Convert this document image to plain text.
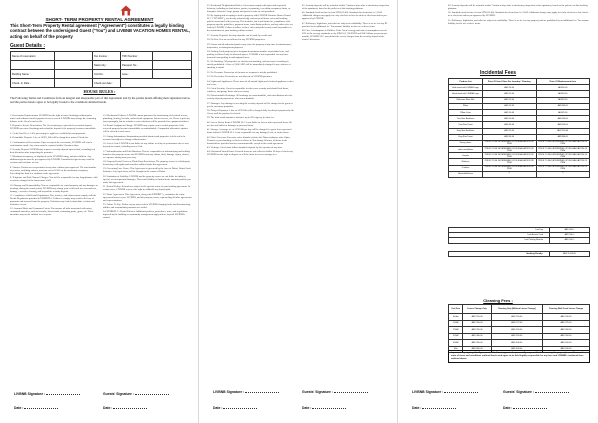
SHORT- TERM PROPERTY RENTAL AGREEMENT
This Short-Term Property Rental agreement ("Agreement") constitutes a legally binding contract between the undersigned Guest ("You") and LIVBNB VACATION HOMES RENTAL, acting on behalf of the property
Guest Details :
Name of reservation:		Tax Invoice :	TRN Number :	
		Nation-lity :	Passport No :	
Building Name :		Unit No :	Area :	
Check- In Date :		Check-out date :		
HOUSE RULES :
The Following Terms and Conditions form an integral and inseparable part of this Agreement and by the parties herein affixing their signatures below, and the parties hereto agree to be legally bound to the conditions detailed herein.

1. Reservation Requirements: LIVBNB has the right to cancel bookings without prior notice and without refund if payment is not received. LIVBNB may change the remaining balance to the Guest's card on file.

2. Deposit to Secure Reservation: The Guest must pay a specified reservation deposit. LIVBNB can cancel bookings and refund the deposit if the property becomes unavailable.

3. Credit Card Fees: A 4% processing fee applies to credit/debit card payments.

4. Refundable Deposit: A fee of AED 1,000 will be charged for missed Check-ins.

5. Confirmation of Reservation: Upon receipt of the reservation, LIVBNB will send a confirmation email. Any errors must be reported within 2 business days.

6. Security Deposit: LIVBNB may request a security deposit upon arrival, refunding it at their discretion after inspecting the premises.

7. Maximum occupancy, as displayed on the LIVBNB listing, includes children. Any additional guests must be pre-approved by LIVBNB. Unauthorized guests may result in eviction and forfeiture of rent.

8. Visitors: Visitors are not permitted at any time without prior approval. The total number of persons, including visitors, must not exceed 150% of the maximum occupancy. Exceeding this limit is a violation of the agreement.

9. Telephone and Paid Channel Charges: You will be responsible for any long-distance calls or movies charged to the homeowner's bill.

10. Damage and Responsibility: You are responsible for rental property and any damages or breakage during the rental period. LIVBNB may charge your credit card for wear and tear, damage, excessive cleaning, and beyond the security deposit.

11. Compliance with Rental Regulations: You, invitees, and visitors must comply with the Rental Regulations provided in EXHIBIT A. Failure to comply may result in the loss of payments and removal from the property. Violations may lead to immediate eviction and forfeiture of rent.

12. Assumed Risks and Communal Areas: You assume all risks associated with using communal amenities, such as hot tubs, Jacuzzi tubs, swimming pools, gyms, etc. These amenities may not be suitable for everyone.

13. Mechanical Failures: LIVBNB cannot guarantee the functioning of electrical service, plumbing, heating, hot tubs, audio/visual equipment, Internet access, etc. Please report any issues promptly, but no refunds or rent reductions will be provided for equipment failures.

14. Rental Assignment Change: LIVBNB may require you to switch properties if the reserved property becomes unavailable or uninhabitable. Comparable alternative options will be offered in such cases.

15. Listing Information: Information provided about rental properties is believed to be accurate but subject to change without notice.

16. Acts of God: LIVBNB is not liable for any failure or delay in performance due to acts beyond its control, including acts of God.

17. Indemnification and Hold Harmless: You are responsible for indemnifying and holding harmless the property owner and LIVBNB from any claims, theft, damage, injury, demise, or expenses arising from your stay.

18. Property Rental Owner as Third-Party Beneficiary: The property owner is a third-party beneficiary with rights and remedies outlined under this agreement.

19. Governing Law; Venue: This Agreement is governed by the laws of Dubai, United Arab Emirates. Any legal action will be brought in the courts of Dubai.

20. Limitation of Liability: LIVBNB and the property owner are not liable for indirect, special, or consequential damages. Their total liability is limited to the amounts paid by you under this agreement.

21. Refund Policy: Refunds are subject to the specific terms of your booking agreement. In certain cases, LIVBNB reserves the right to withhold any deposit paid.

22. Entire Agreement: This Agreement, along with EXHIBIT A, constitutes the entire agreement between you, LIVBNB, and the property owner, superseding all other agreements and representations.

23. Failure To Pay: Failure to pay may result in LIVBNB charging locks and disconnecting utilities and accumulating amounts are settled.

24. EXHIBIT A - Rental Policies: Additional policies, procedures, rules, and regulations imposed by the building or community management apply and are beyond LIVBNB's control.

LIVBNB Signature :	Guests' Signature :
Date :	Date :

25. Residential Neighborhood Rules: Guest must comply with quiet and respectful behavior, including no loud noises, parties, trespassing, exceeding occupancy limits, or disruptive behavior. Large groups and special events are not permitted.

26. By signing and accepting to book a property with LIVBNB Vacation Homes Rental LLC ("LIVBNB"), you hereby acknowledge and accept all house rules and booking policies associated with your stay. This includes, but is not limited to, compliance with property-specific guidelines, payment terms, cancellation policies, and any other rules set forth by LIVBNB. Failure to adhere to these rules and policies may result in penalties or the termination of your booking without refund.

27. Security Deposits: Security deposits can be made by credit card.

28. No Pets: Pets are not allowed in any LIVBNB properties.

29. Linens and all authorized parties may enter the property at any time for maintenance, inspections, or management purposes.

30. Parking: Each property has a designated maximum number of permitted cars, and parking is allowed only in allocated spaces. LIVBNB is not responsible for any fines incurred from parking in undesignated areas.

31. No Smoking: All properties are strictly non-smoking, and any form of smoking is strictly prohibited. A fine of 2,000 AED will be immediately charged if any evidence of smoking is found.

32. No Firearms: Possession of firearms or weapons is strictly prohibited.

33. No Fireworks: Fireworks are not allowed on LIVBNB premises.

34. Lights and Appliances: Please turn off all outside lights and electrical appliances when not in use.

35. Guest Security: Guest is responsible for their own security and should lock doors, windows, and garage doors when necessary.

36. Nonrefundable Bookings: All bookings are nonrefundable, and cancellations after the security deposit payment are also non-refundable.

37. Damages: Any damages exceeding the security deposit will be charged to the guest as per the inventory quotation.

38. Delayed Payment: A fine of AED 200 will be charged daily for delayed payment by the Guest, until the payment is cleared.

39. The total rental amount is inclusive up to 20% agency fee/time fee.

40. Lost or Stolen Items: LIVBNB LLC is not liable for lost or stolen personal items. We are also not liable for damages to personal items.

41. Storage: A storage fee of AED 500 per day will be charged if a guest leaves personal items behind. LIVBNB LLC is not responsible for any damaged, lost, or stolen items.

42. Noise/Concerns: Excessive noise disturbs violates the Dubai ordinance after 10pm. Tenant/s of your booking or check-in allows it. Not during 24 hours, all items in the household are provided and are non-transferable except to the rental agreement.

43. Vicinage: Guest must follow standard etiquette by the operator of any time.

44. Unclaimed Stored Items: If stored items are not collected within 10 days of check-out, LIVBNB has the right to dispose or sell the items to recover storage fees.

45. Security deposits will be refunded within 7 business days after a satisfactory inspection of the apartment, based on the policies of this booking platform.

46. Standard check-in time is from 3PM (15:00). Standard check-out time is 11AM. Additional charges may apply for early check-in or late check-in or check-out unless pre-approved by LIVBNB.

47. Rollaways, highchairs, and cribs are subject to availability. There is no fee for any ID provided in an additional fee. You assume liability for the use of these items.

48. Over Consumption of Utilities: If the Guest's energy and water consumption exceeds 20% of the average standards set by DEWA (1,700 KWH and 500 Gallons per person per month), LIVBNB LLC may deduct the excess charges from the security deposit at the owner's discretion.

LIVBNB Signature :	Guests' Signature :
Date :	Date :

49. Security deposits will be refunded within 7 business days after a satisfactory inspection of the apartment, based on the policies of this booking platform.

50. Standard check-in time is from 3PM (15:00). Standard check-out time is 11AM. Additional charges may apply for early check-in or late check-in or check-out unless pre-approved by LIVBNB.

51. Rollaways, highchairs, and cribs are subject to availability. There is no fee for any property and are prohibited by an additional fee. You assume liability for the use of these items.

Incidental Fees
Product List	Price Of Item If Item For Laundry / Cleaning	Price Of Replacement Item
Bath towel with LIVBNB Logo	AED 50.00	AED50.00
Hand towel with LIVBNB Logo	AED 20.00	AED20.00
Bathroom Floor Mat	AED 20.00	AED20.00
Pillow	AED 50.00	AED200.00
Pillow Case	AED 50.00	AED25.00
Twin Size Bedsheet	AED 50.00	AED150.00
Twin Size Duvet	AED 80.00	AED250.00
King Size Bedsheet	AED 50.00	AED 200.00
King Size Duvet	AED 80.00	AED300.00
Dining chairs	PRICE TO BE DETERMINED UPON EVALUATION OF ITEM	PRICE TO BE DETERMINED UPON EVALUATION OF ITEM
sofas and pillows	PRICE TO BE DETERMINED UPON EVALUATION OF ITEM	PRICE TO BE DETERMINED UPON EVALUATION OF ITEM
Carpets	PRICE TO BE DETERMINED UPON EVALUATION OF ITEM	PRICE TO BE DETERMINED UPON EVALUATION OF ITEM
Mattress	PRICE TO BE DETERMINED UPON EVALUATION OF ITEM	PRICE TO BE DETERMINED UPON EVALUATION OF ITEM
Curtains	PRICE TO BE DETERMINED UPON EVALUATION OF ITEM	PRICE TO BE DETERMINED UPON EVALUATION OF ITEM
Household items	**	**
Lost Key	AED 300 /-
Lost Access Card	AED 500 /-
Lost Parking Remote	AED 500 /-
Smoking Penalty:	AED 2,000.00
Cleaning Fees :
Unit Size	Linens Change Only	Cleaning Only (Without Linens Change)	Cleaning With Fresh Linens Change
Studio	AED 150.00	AED 150.00	AED 200.00
1 BHK	AED 200.00	AED 175.00	AED 225.00
2 BHK	AED 250.00	AED 200.00	AED 300.00
3 BHK	AED 300.00	AED 250.00	AED 350.00
4 BHK	AED 350.00	AED 400.00	AED 450.00
Villa	AED 800.00	AED 600.00	AED 900.00
Important: by signing this Agreement, I the Guest agree to be personally responsible for ensuring the property's condition and state of items and conditions outlined herein and agree to be held legally responsible for any loss and LIVBNB's incidental fees outlined above.
LIVBNB Signature :	Guests' Signature :
Date :	Date :
